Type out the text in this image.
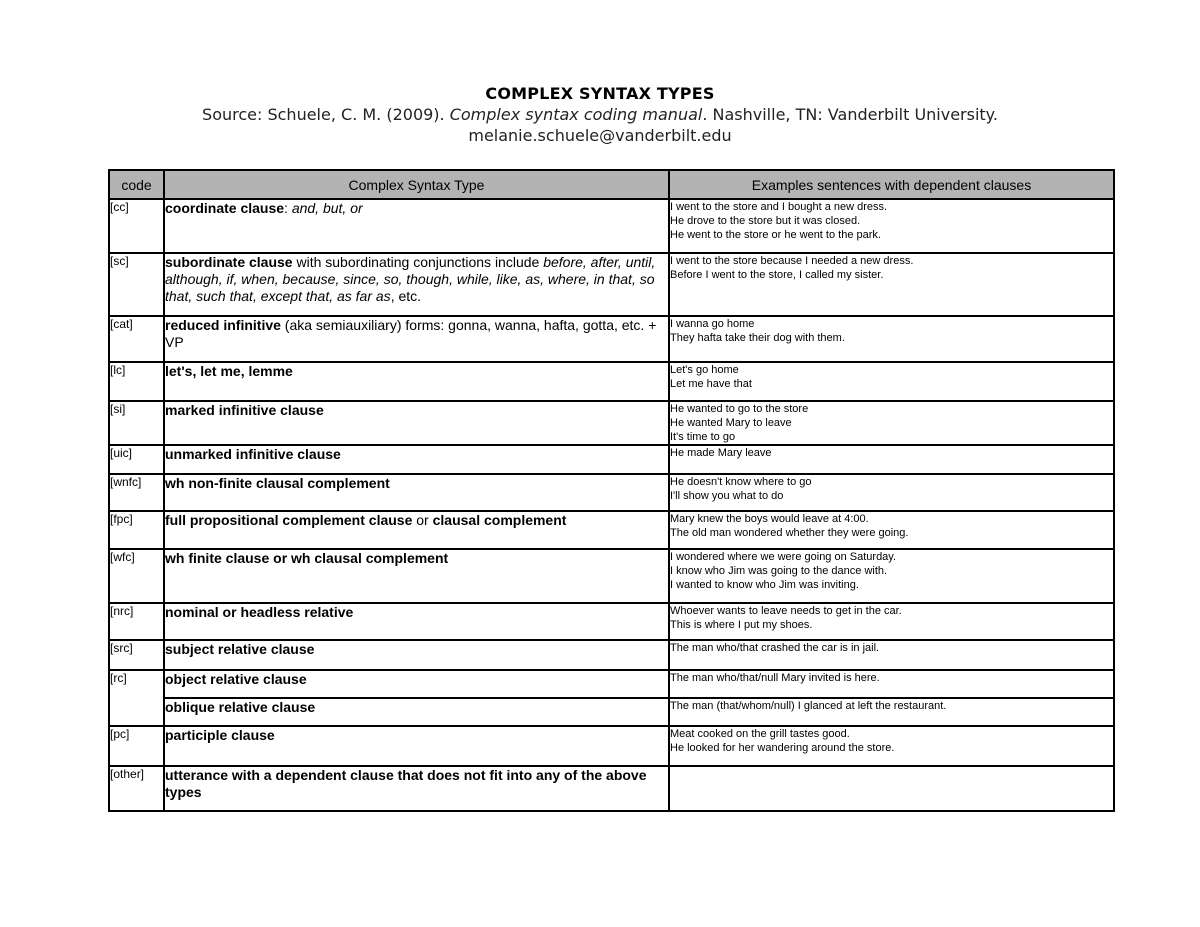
COMPLEX SYNTAX TYPES
Source: Schuele, C. M. (2009). Complex syntax coding manual. Nashville, TN: Vanderbilt University.
melanie.schuele@vanderbilt.edu
code	Complex Syntax Type	Examples sentences with dependent clauses
[cc]	coordinate clause: and, but, or	I went to the store and I bought a new dress.
He drove to the store but it was closed.
He went to the store or he went to the park.

[sc]	subordinate clause with subordinating conjunctions include before, after, until, although, if, when, because, since, so, though, while, like, as, where, in that, so that, such that, except that, as far as, etc.	I went to the store because I needed a new dress.
Before I went to the store, I called my sister.

[cat]	reduced infinitive (aka semiauxiliary) forms: gonna, wanna, hafta, gotta, etc. + VP	I wanna go home
They hafta take their dog with them.

[lc]	let's, let me, lemme	Let's go home
Let me have that

[si]	marked infinitive clause	He wanted to go to the store
He wanted Mary to leave
It's time to go

[uic]	unmarked infinitive clause	He made Mary leave

[wnfc]	wh non-finite clausal complement	He doesn't know where to go
I'll show you what to do

[fpc]	full propositional complement clause or clausal complement	Mary knew the boys would leave at 4:00.
The old man wondered whether they were going.

[wfc]	wh finite clause or wh clausal complement	I wondered where we were going on Saturday.
I know who Jim was going to the dance with.
I wanted to know who Jim was inviting.

[nrc]	nominal or headless relative	Whoever wants to leave needs to get in the car.
This is where I put my shoes.

[src]	subject relative clause	The man who/that crashed the car is in jail.

[rc]	object relative clause	The man who/that/null Mary invited is here.

	oblique relative clause	The man (that/whom/null) I glanced at left the restaurant.

[pc]	participle clause	Meat cooked on the grill tastes good.
He looked for her wandering around the store.

[other]	utterance with a dependent clause that does not fit into any of the above types	
